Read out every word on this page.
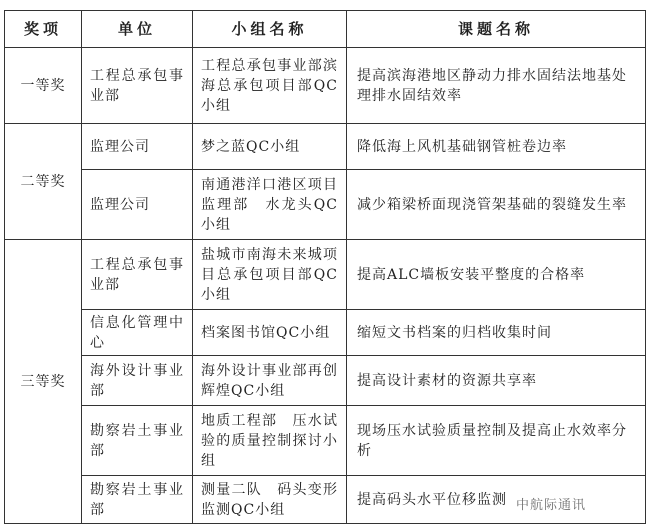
奖项	单位	小组名称	课题名称
一等奖	工程总承包事业部	工程总承包事业部滨海总承包项目部QC小组	提高滨海港地区静动力排水固结法地基处理排水固结效率
二等奖	监理公司	梦之蓝QC小组	降低海上风机基础钢管桩卷边率
	监理公司	南通港洋口港区项目监理部　水龙头QC小组	减少箱梁桥面现浇管架基础的裂缝发生率
三等奖	工程总承包事业部	盐城市南海未来城项目总承包项目部QC小组	提高ALC墙板安装平整度的合格率
	信息化管理中心	档案图书馆QC小组	缩短文书档案的归档收集时间
	海外设计事业部	海外设计事业部再创辉煌QC小组	提高设计素材的资源共享率
	勘察岩土事业部	地质工程部　压水试验的质量控制探讨小组	现场压水试验质量控制及提高止水效率分析
	勘察岩土事业部	测量二队　码头变形监测QC小组	提高码头水平位移监测 中航际通讯
